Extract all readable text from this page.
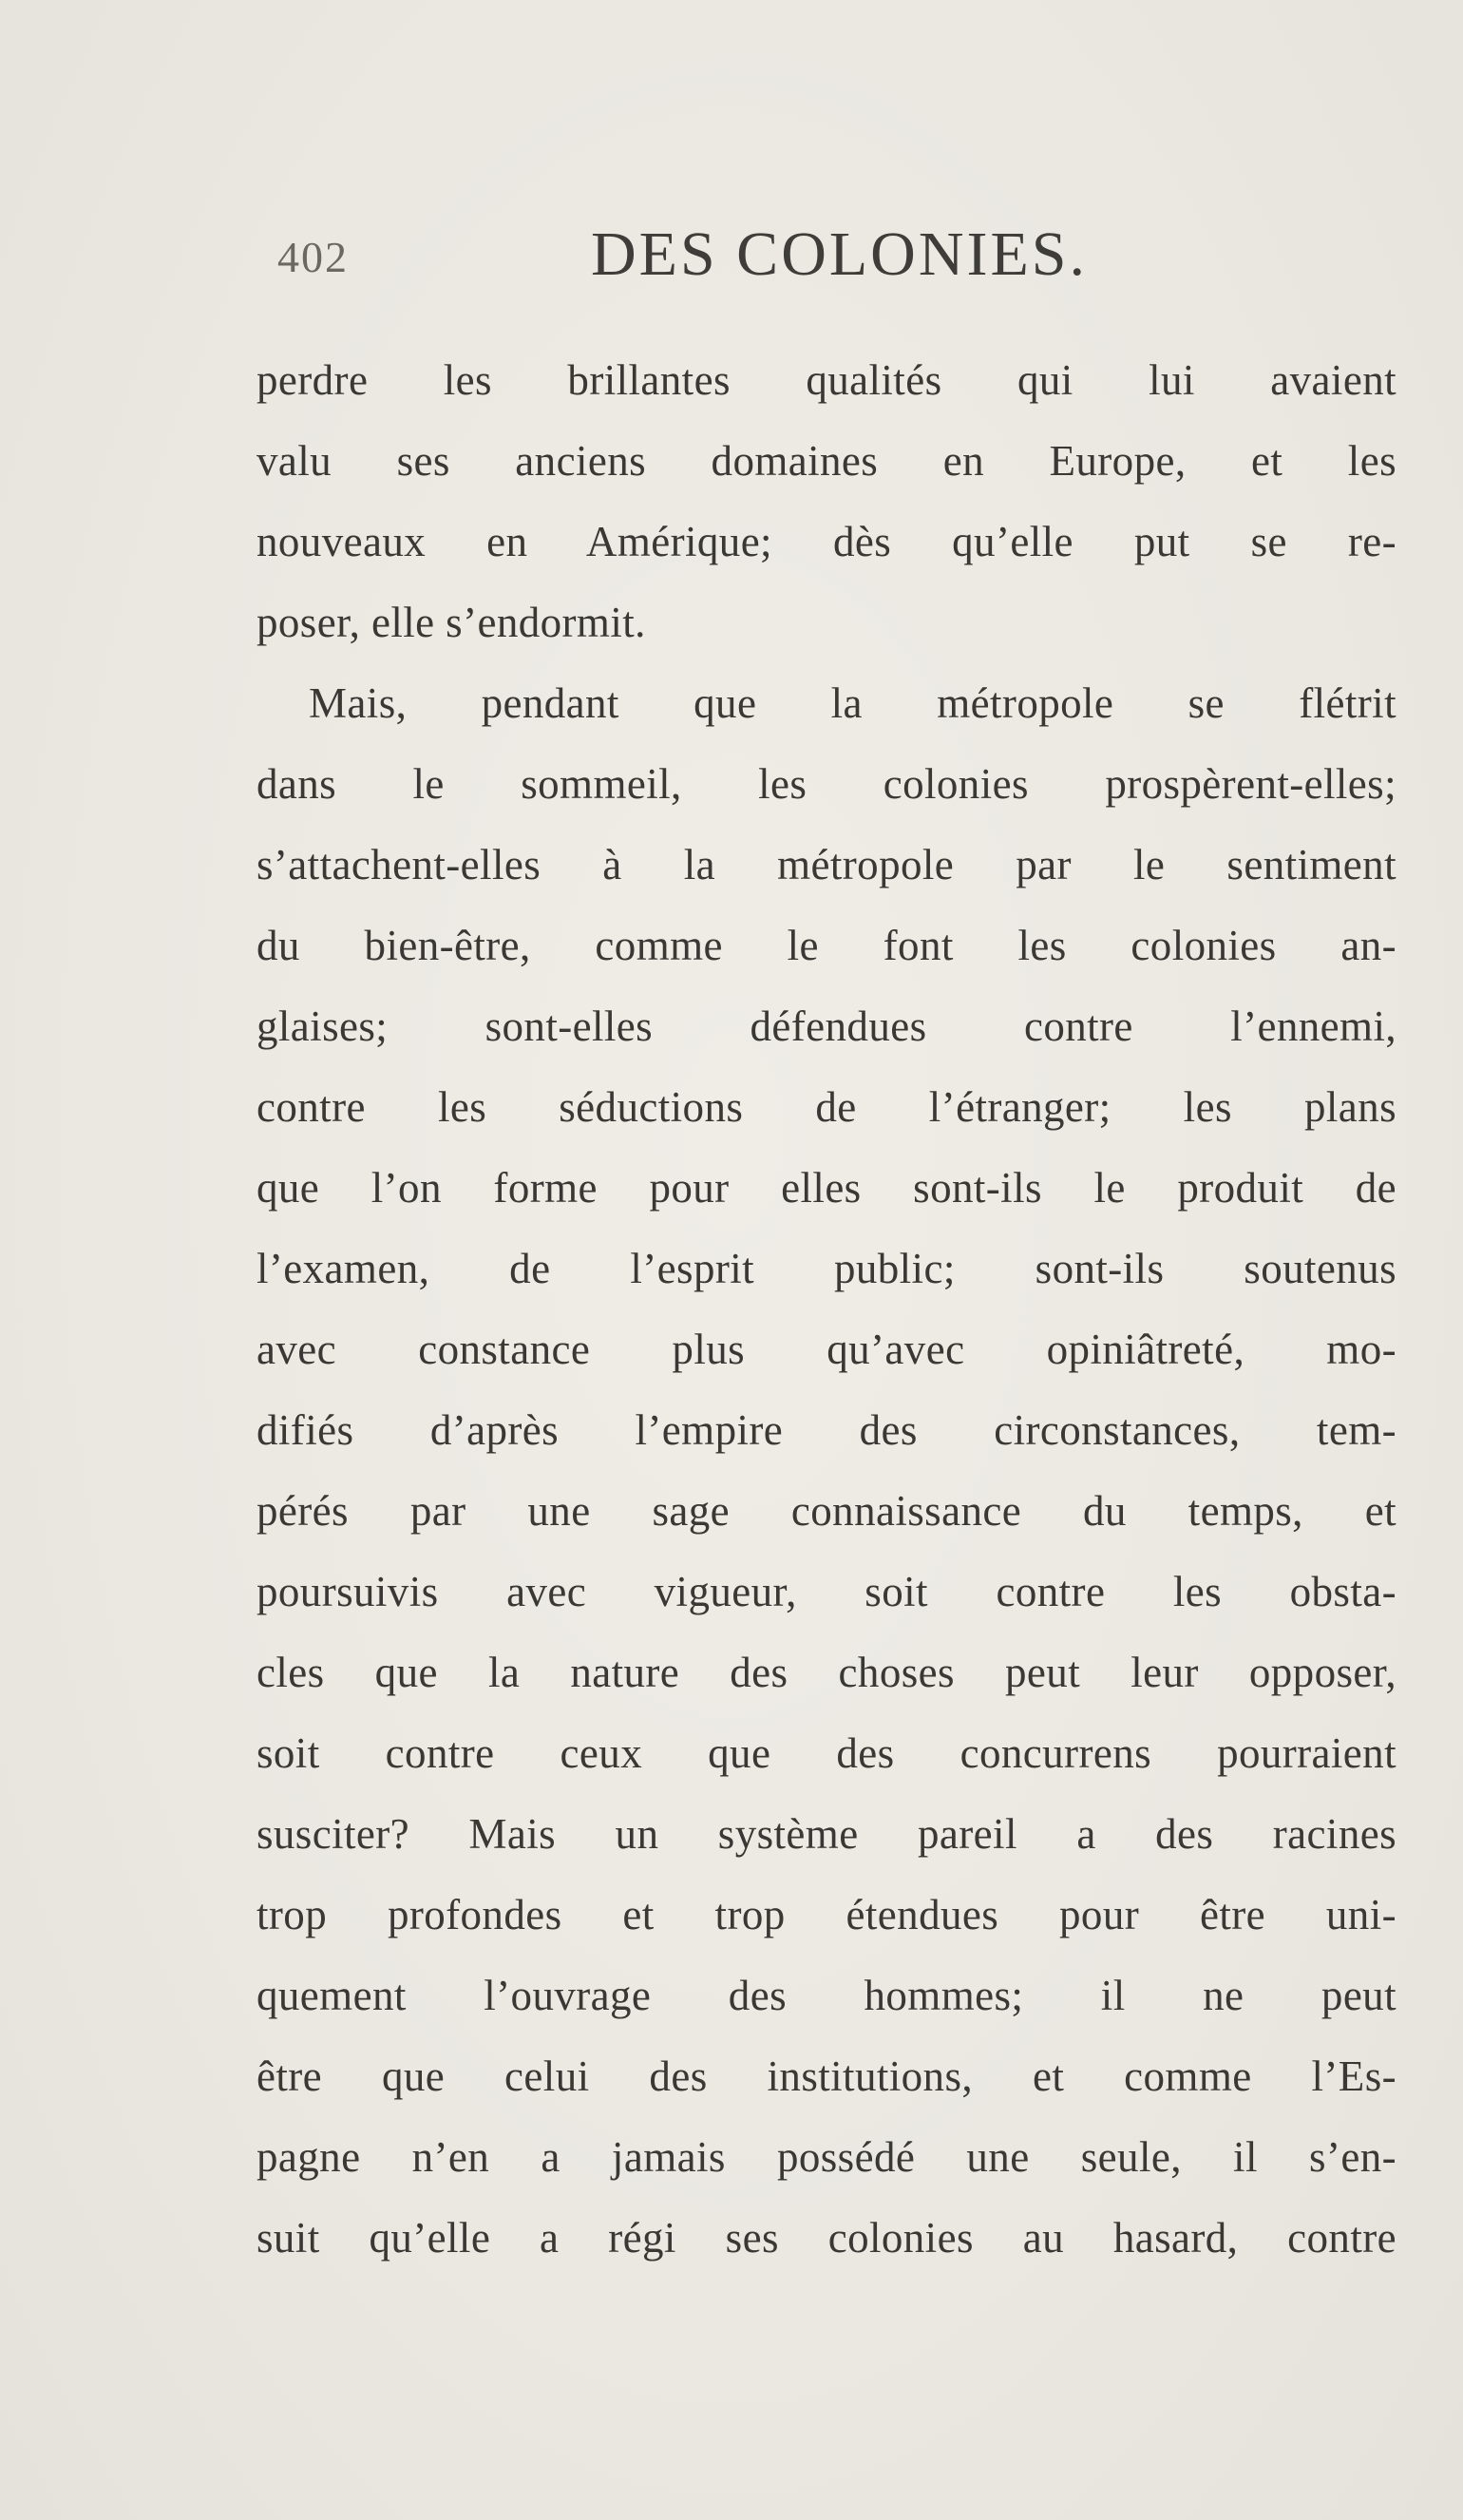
402	DES COLONIES.
perdre les brillantes qualités qui lui avaient
valu ses anciens domaines en Europe, et les
nouveaux en Amérique; dès qu’elle put se re-
poser, elle s’endormit.
Mais, pendant que la métropole se flétrit
dans le sommeil, les colonies prospèrent-elles;
s’attachent-elles à la métropole par le sentiment
du bien-être, comme le font les colonies an-
glaises; sont-elles défendues contre l’ennemi,
contre les séductions de l’étranger; les plans
que l’on forme pour elles sont-ils le produit de
l’examen, de l’esprit public; sont-ils soutenus
avec constance plus qu’avec opiniâtreté, mo-
difiés d’après l’empire des circonstances, tem-
pérés par une sage connaissance du temps, et
poursuivis avec vigueur, soit contre les obsta-
cles que la nature des choses peut leur opposer,
soit contre ceux que des concurrens pourraient
susciter? Mais un système pareil a des racines
trop profondes et trop étendues pour être uni-
quement l’ouvrage des hommes; il ne peut
être que celui des institutions, et comme l’Es-
pagne n’en a jamais possédé une seule, il s’en-
suit qu’elle a régi ses colonies au hasard, contre
